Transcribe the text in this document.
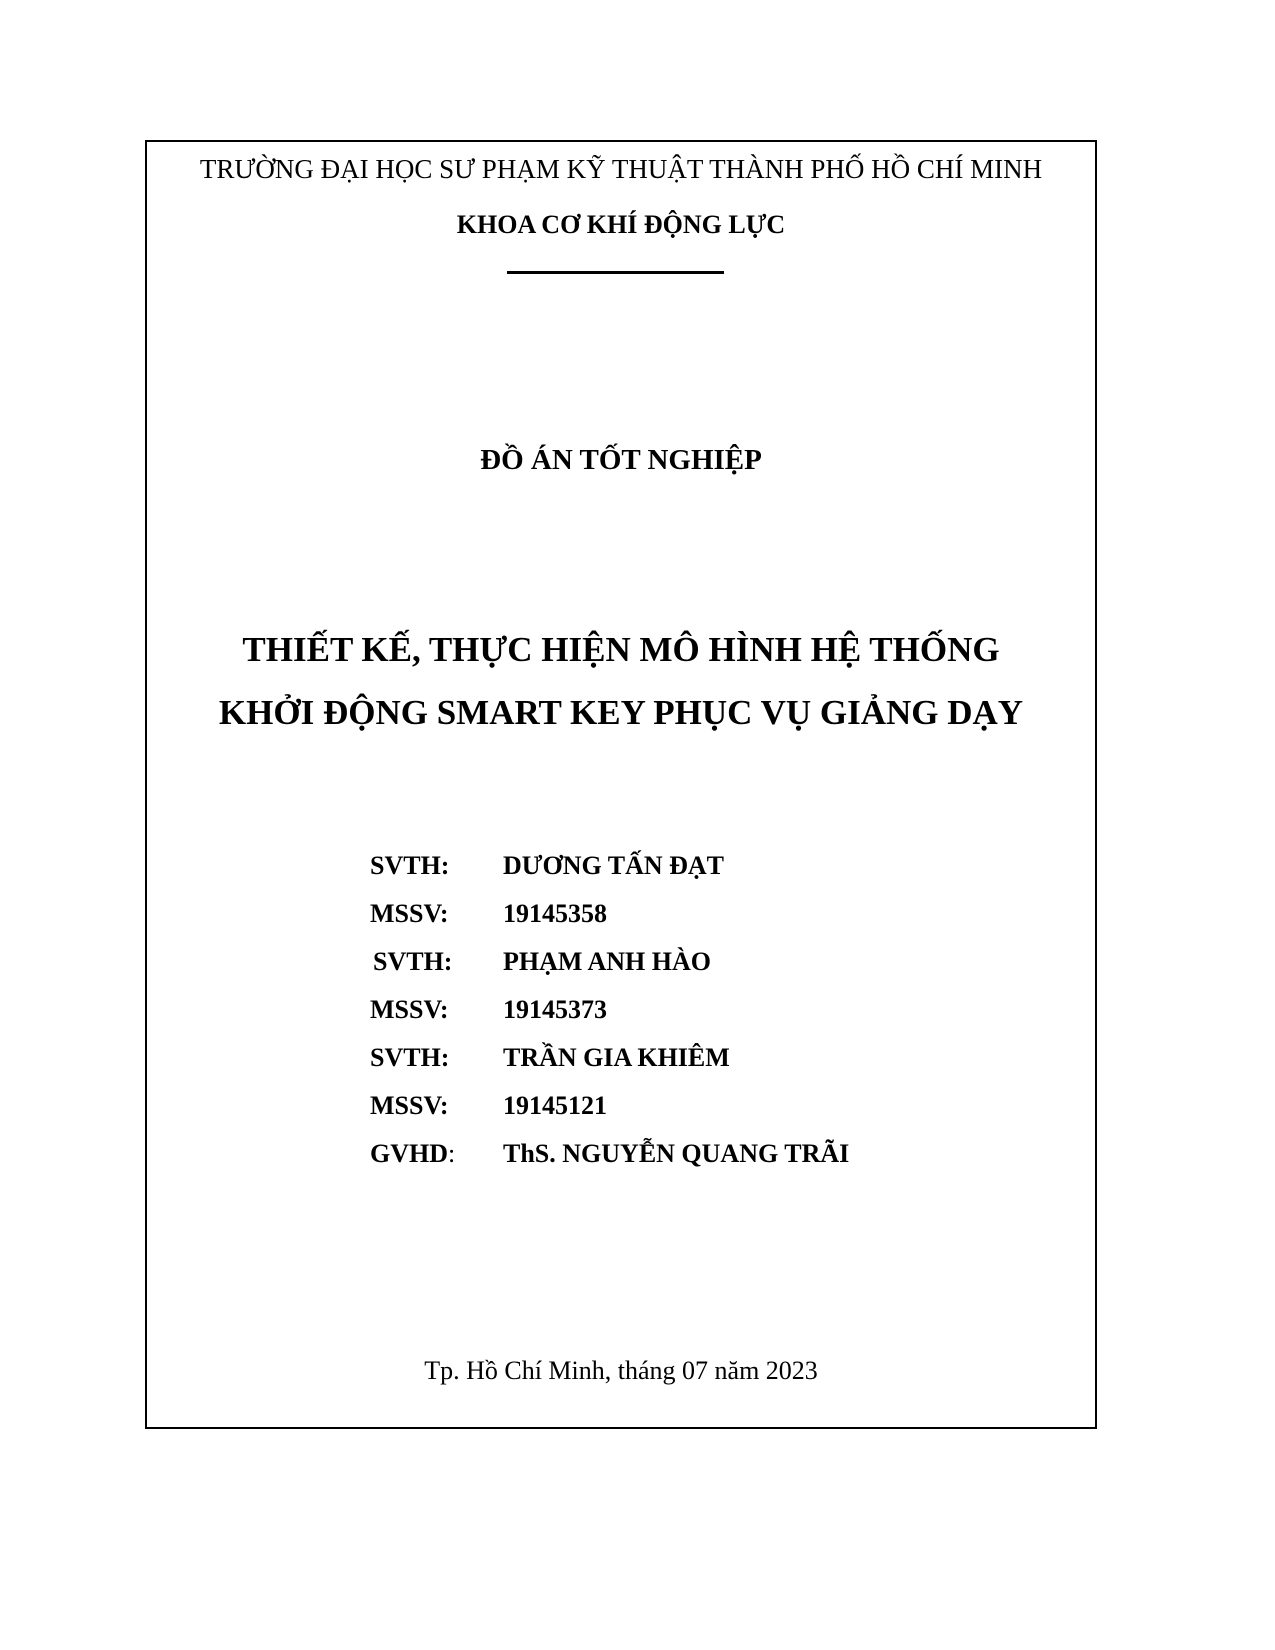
TRƯỜNG ĐẠI HỌC SƯ PHẠM KỸ THUẬT THÀNH PHỐ HỒ CHÍ MINH
KHOA CƠ KHÍ ĐỘNG LỰC
ĐỒ ÁN TỐT NGHIỆP
THIẾT KẾ, THỰC HIỆN MÔ HÌNH HỆ THỐNG
KHỞI ĐỘNG SMART KEY PHỤC VỤ GIẢNG DẠY
SVTH:	DƯƠNG TẤN ĐẠT
MSSV:	19145358
SVTH:	PHẠM ANH HÀO
MSSV:	19145373
SVTH:	TRẦN GIA KHIÊM
MSSV:	19145121
GVHD:	ThS. NGUYỄN QUANG TRÃI
Tp. Hồ Chí Minh, tháng 07 năm 2023
